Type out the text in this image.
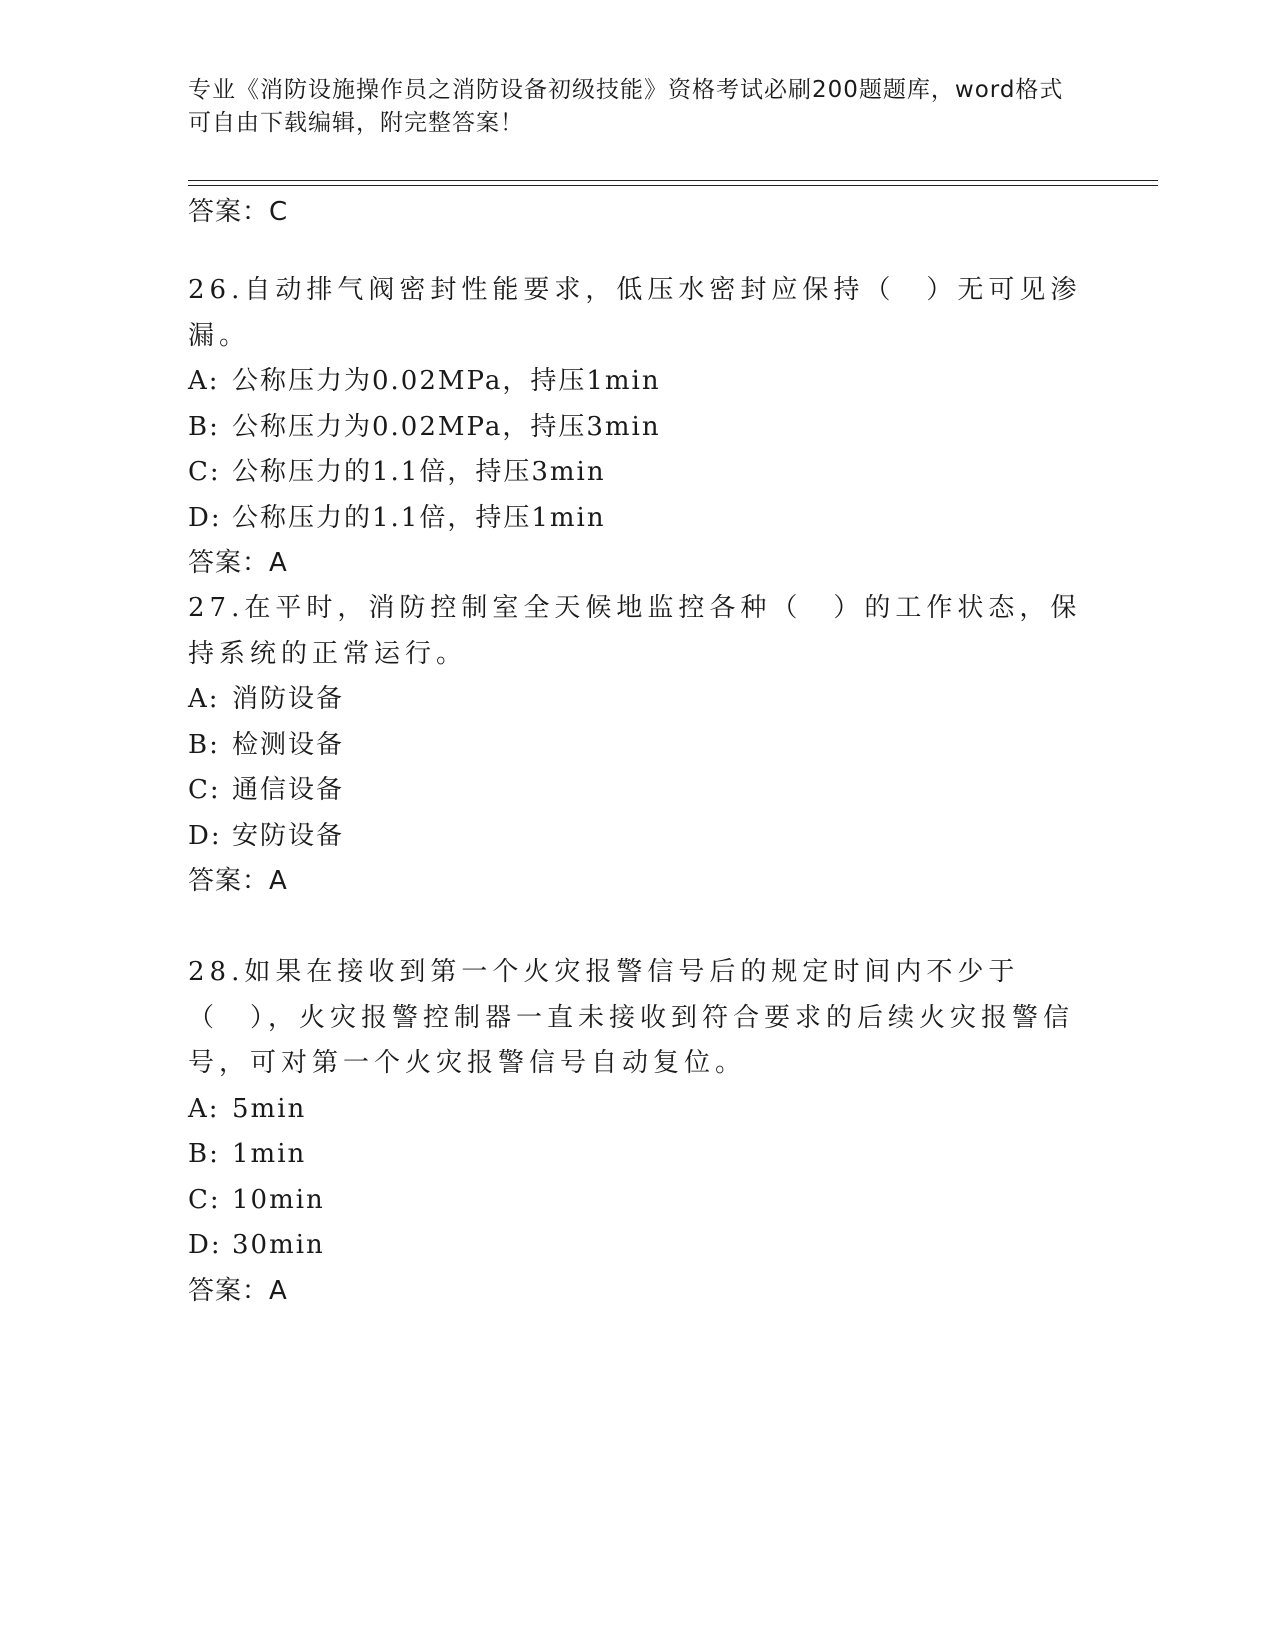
专业《消防设施操作员之消防设备初级技能》资格考试必刷200题题库，word格式可自由下载编辑，附完整答案！
答案：C

26.自动排气阀密封性能要求，低压水密封应保持（　）无可见渗漏。

A: 公称压力为0.02MPa，持压1min

B: 公称压力为0.02MPa，持压3min

C: 公称压力的1.1倍，持压3min

D: 公称压力的1.1倍，持压1min

答案：A

27.在平时，消防控制室全天候地监控各种（　）的工作状态，保持系统的正常运行。

A: 消防设备

B: 检测设备

C: 通信设备

D: 安防设备

答案：A

28.如果在接收到第一个火灾报警信号后的规定时间内不少于（　），火灾报警控制器一直未接收到符合要求的后续火灾报警信号，可对第一个火灾报警信号自动复位。

A: 5min

B: 1min

C: 10min

D: 30min

答案：A
